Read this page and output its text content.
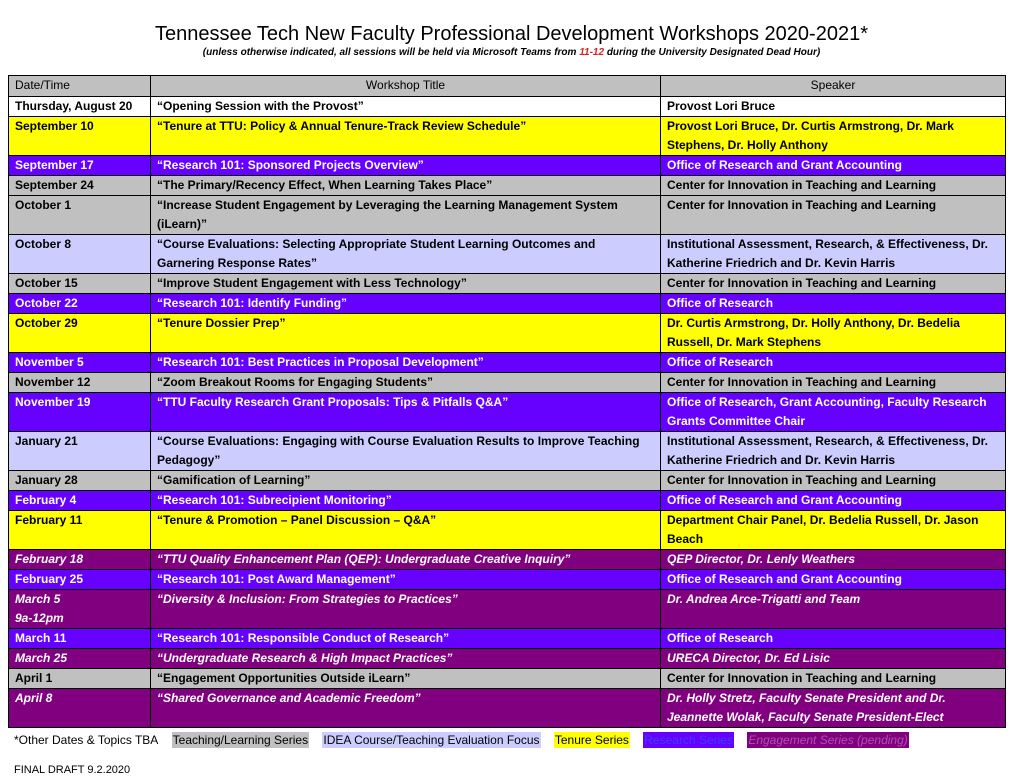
Tennessee Tech New Faculty Professional Development Workshops 2020-2021*
(unless otherwise indicated, all sessions will be held via Microsoft Teams from 11-12 during the University Designated Dead Hour)
Date/Time	Workshop Title	Speaker
Thursday, August 20	“Opening Session with the Provost”	Provost Lori Bruce
September 10	“Tenure at TTU: Policy & Annual Tenure-Track Review Schedule”	Provost Lori Bruce, Dr. Curtis Armstrong, Dr. Mark Stephens, Dr. Holly Anthony
September 17	“Research 101: Sponsored Projects Overview”	Office of Research and Grant Accounting
September 24	“The Primary/Recency Effect, When Learning Takes Place”	Center for Innovation in Teaching and Learning
October 1	“Increase Student Engagement by Leveraging the Learning Management System (iLearn)”	Center for Innovation in Teaching and Learning
October 8	“Course Evaluations: Selecting Appropriate Student Learning Outcomes and Garnering Response Rates”	Institutional Assessment, Research, & Effectiveness, Dr. Katherine Friedrich and Dr. Kevin Harris
October 15	“Improve Student Engagement with Less Technology”	Center for Innovation in Teaching and Learning
October 22	“Research 101: Identify Funding”	Office of Research
October 29	“Tenure Dossier Prep”	Dr. Curtis Armstrong, Dr. Holly Anthony, Dr. Bedelia Russell, Dr. Mark Stephens
November 5	“Research 101: Best Practices in Proposal Development”	Office of Research
November 12	“Zoom Breakout Rooms for Engaging Students”	Center for Innovation in Teaching and Learning
November 19	“TTU Faculty Research Grant Proposals: Tips & Pitfalls Q&A”	Office of Research, Grant Accounting, Faculty Research Grants Committee Chair
January 21	“Course Evaluations: Engaging with Course Evaluation Results to Improve Teaching Pedagogy”	Institutional Assessment, Research, & Effectiveness, Dr. Katherine Friedrich and Dr. Kevin Harris
January 28	“Gamification of Learning”	Center for Innovation in Teaching and Learning
February 4	“Research 101: Subrecipient Monitoring”	Office of Research and Grant Accounting
February 11	“Tenure & Promotion – Panel Discussion – Q&A”	Department Chair Panel, Dr. Bedelia Russell, Dr. Jason Beach
February 18	“TTU Quality Enhancement Plan (QEP): Undergraduate Creative Inquiry”	QEP Director, Dr. Lenly Weathers
February 25	“Research 101: Post Award Management”	Office of Research and Grant Accounting
March 5
9a-12pm	“Diversity & Inclusion: From Strategies to Practices”	Dr. Andrea Arce-Trigatti and Team
March 11	“Research 101: Responsible Conduct of Research”	Office of Research
March 25	“Undergraduate Research & High Impact Practices”	URECA Director, Dr. Ed Lisic
April 1	“Engagement Opportunities Outside iLearn”	Center for Innovation in Teaching and Learning
April 8	“Shared Governance and Academic Freedom”	Dr. Holly Stretz, Faculty Senate President and Dr. Jeannette Wolak, Faculty Senate President-Elect
*Other Dates & Topics TBA Teaching/Learning Series IDEA Course/Teaching Evaluation Focus Tenure Series Research Series Engagement Series (pending)
FINAL DRAFT 9.2.2020
